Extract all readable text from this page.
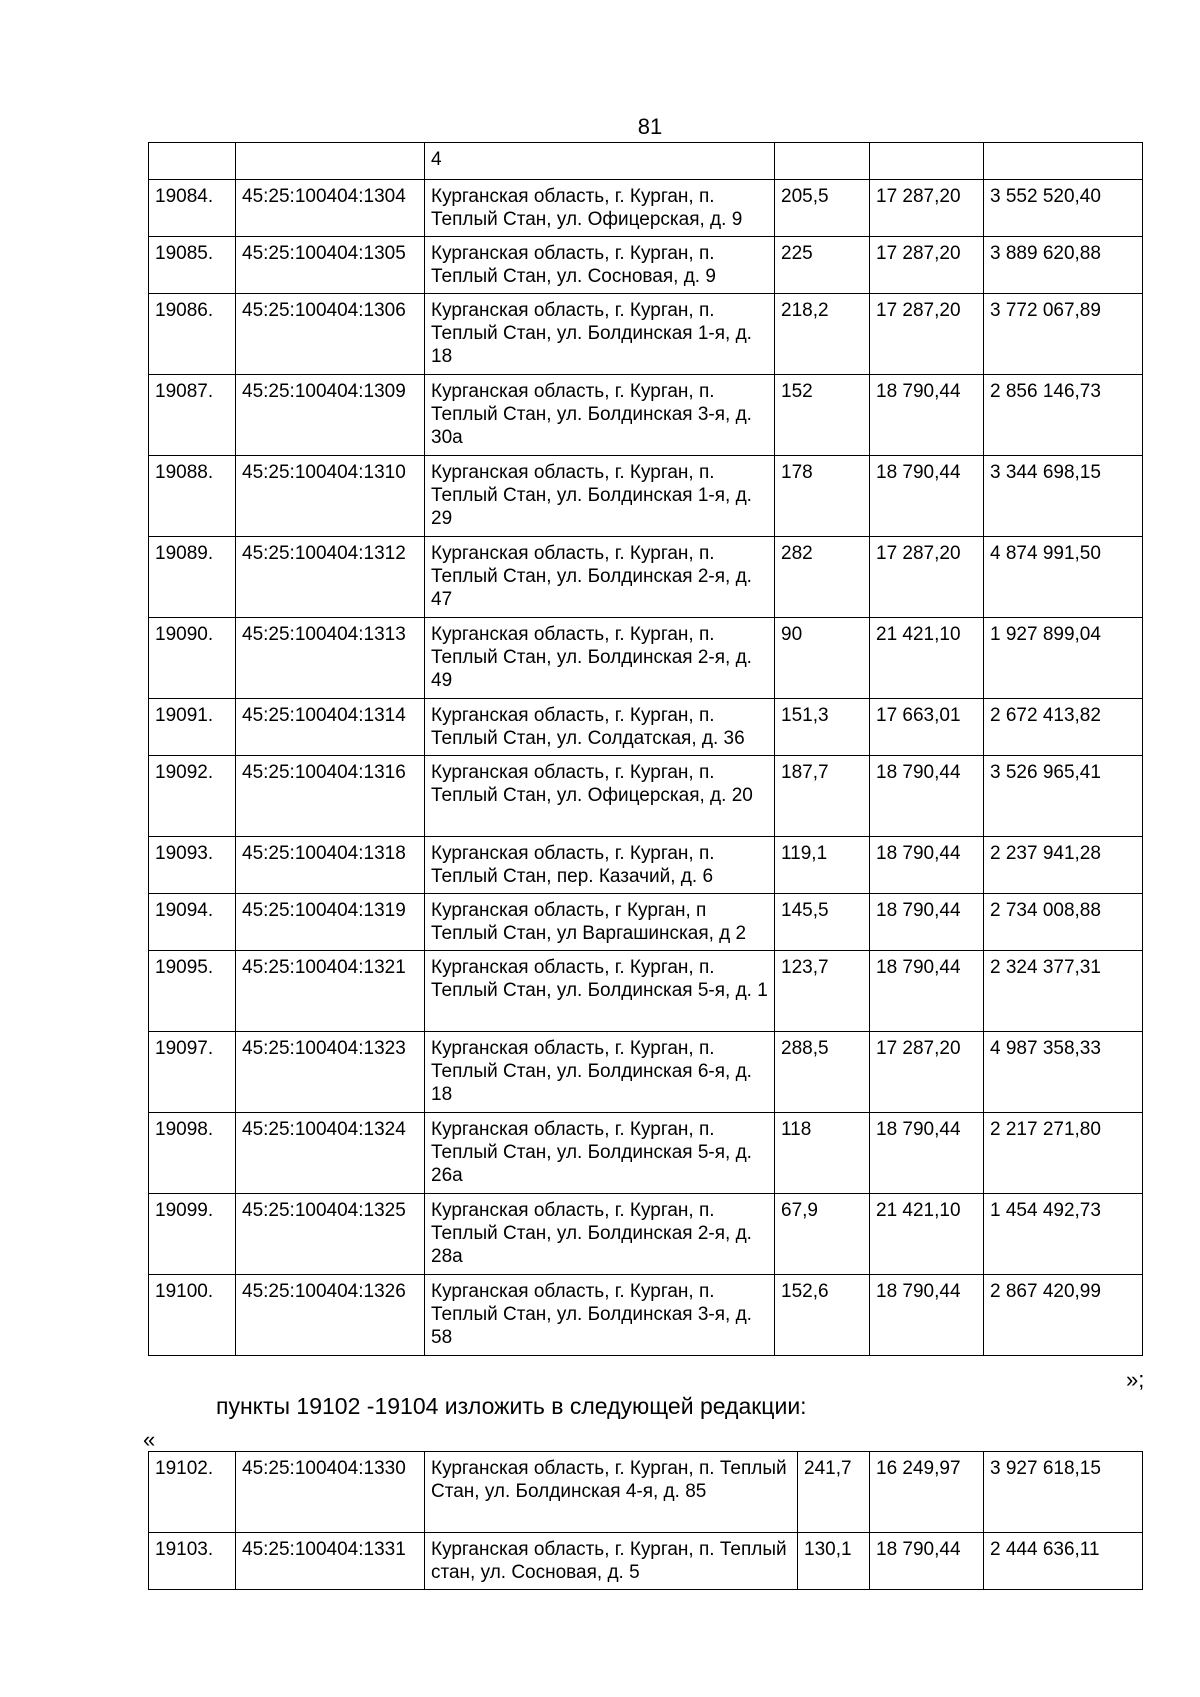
81
		4			
19084.	45:25:100404:1304	Курганская область, г. Курган, п. Теплый Стан, ул. Офицерская, д. 9	205,5	17 287,20	3 552 520,40
19085.	45:25:100404:1305	Курганская область, г. Курган, п. Теплый Стан, ул. Сосновая, д. 9	225	17 287,20	3 889 620,88
19086.	45:25:100404:1306	Курганская область, г. Курган, п. Теплый Стан, ул. Болдинская 1-я, д. 18	218,2	17 287,20	3 772 067,89
19087.	45:25:100404:1309	Курганская область, г. Курган, п. Теплый Стан, ул. Болдинская 3-я, д. 30а	152	18 790,44	2 856 146,73
19088.	45:25:100404:1310	Курганская область, г. Курган, п. Теплый Стан, ул. Болдинская 1-я, д. 29	178	18 790,44	3 344 698,15
19089.	45:25:100404:1312	Курганская область, г. Курган, п. Теплый Стан, ул. Болдинская 2-я, д. 47	282	17 287,20	4 874 991,50
19090.	45:25:100404:1313	Курганская область, г. Курган, п. Теплый Стан, ул. Болдинская 2-я, д. 49	90	21 421,10	1 927 899,04
19091.	45:25:100404:1314	Курганская область, г. Курган, п. Теплый Стан, ул. Солдатская, д. 36	151,3	17 663,01	2 672 413,82
19092.	45:25:100404:1316	Курганская область, г. Курган, п. Теплый Стан, ул. Офицерская, д. 20	187,7	18 790,44	3 526 965,41
19093.	45:25:100404:1318	Курганская область, г. Курган, п. Теплый Стан, пер. Казачий, д. 6	119,1	18 790,44	2 237 941,28
19094.	45:25:100404:1319	Курганская область, г Курган, п Теплый Стан, ул Варгашинская, д 2	145,5	18 790,44	2 734 008,88
19095.	45:25:100404:1321	Курганская область, г. Курган, п. Теплый Стан, ул. Болдинская 5-я, д. 1	123,7	18 790,44	2 324 377,31
19097.	45:25:100404:1323	Курганская область, г. Курган, п. Теплый Стан, ул. Болдинская 6-я, д. 18	288,5	17 287,20	4 987 358,33
19098.	45:25:100404:1324	Курганская область, г. Курган, п. Теплый Стан, ул. Болдинская 5-я, д. 26а	118	18 790,44	2 217 271,80
19099.	45:25:100404:1325	Курганская область, г. Курган, п. Теплый Стан, ул. Болдинская 2-я, д. 28а	67,9	21 421,10	1 454 492,73
19100.	45:25:100404:1326	Курганская область, г. Курган, п. Теплый Стан, ул. Болдинская 3-я, д. 58	152,6	18 790,44	2 867 420,99
»;
пункты 19102 -19104 изложить в следующей редакции:
«
19102.	45:25:100404:1330	Курганская область, г. Курган, п. Теплый Стан, ул. Болдинская 4-я, д. 85	241,7	16 249,97	3 927 618,15
19103.	45:25:100404:1331	Курганская область, г. Курган, п. Теплый стан, ул. Сосновая, д. 5	130,1	18 790,44	2 444 636,11
